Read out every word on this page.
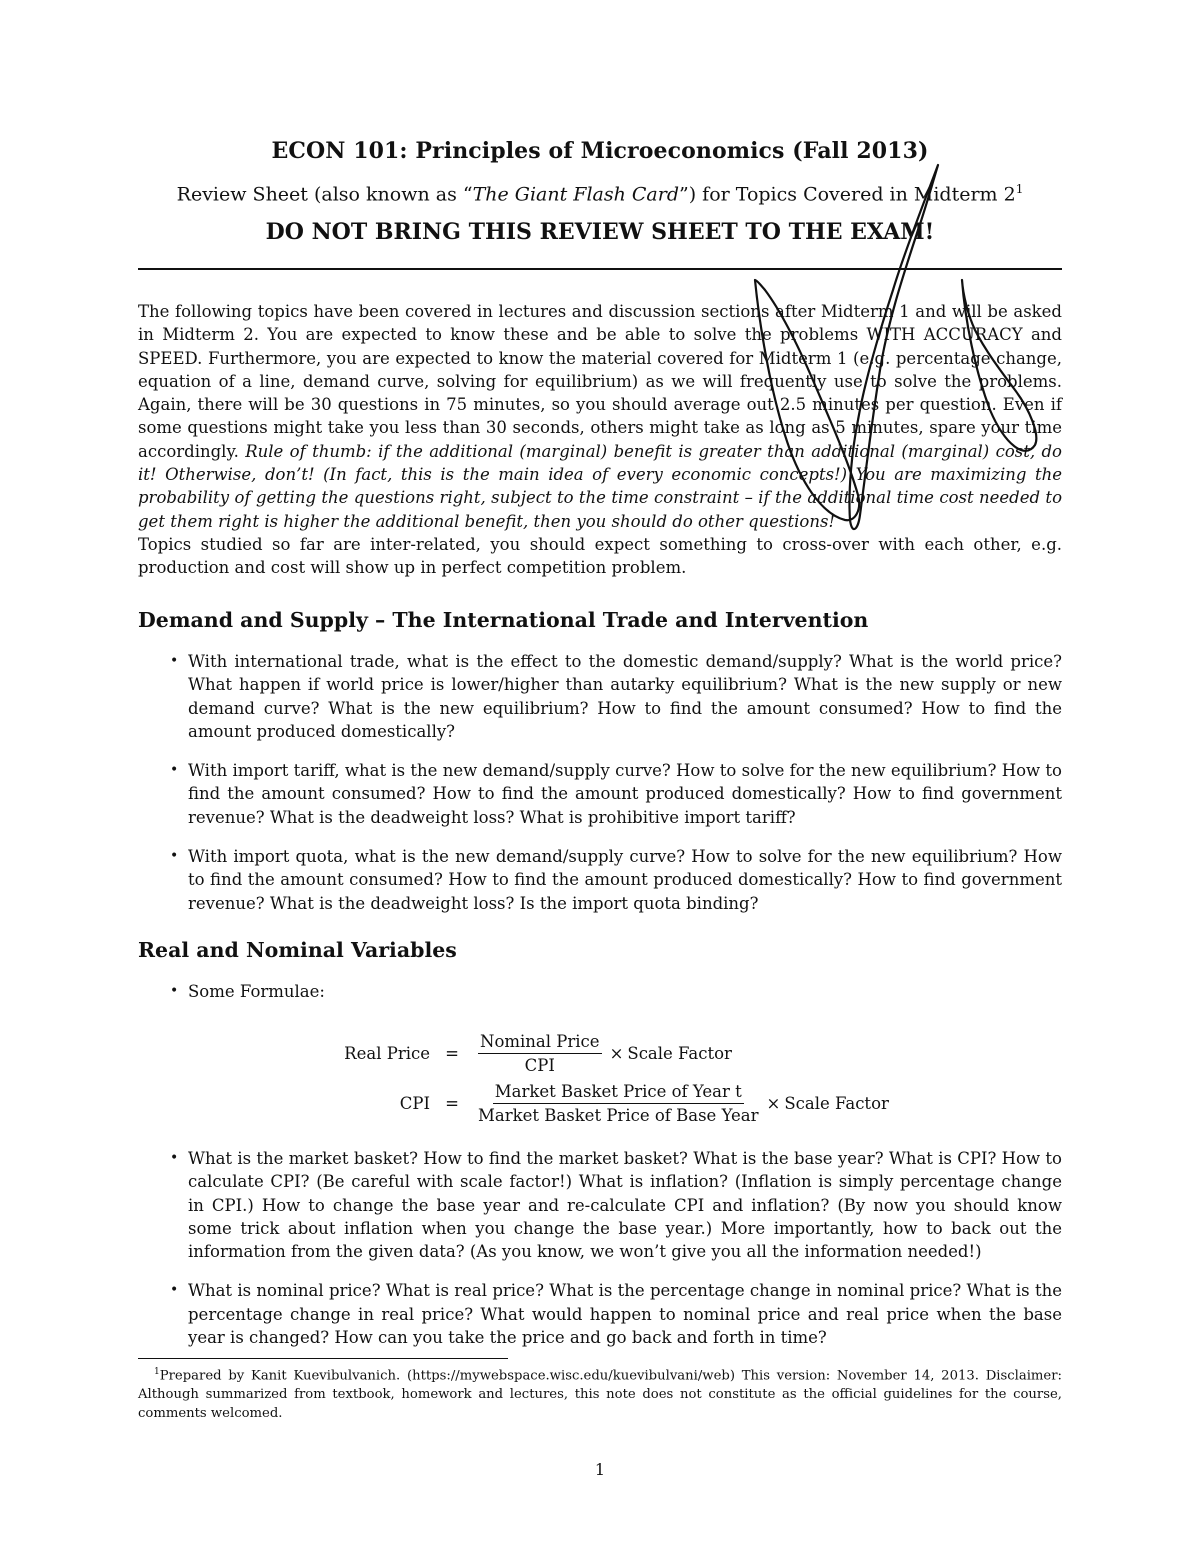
ECON 101: Principles of Microeconomics (Fall 2013)
Review Sheet (also known as “The Giant Flash Card”) for Topics Covered in Midterm $2^1$
DO NOT BRING THIS REVIEW SHEET TO THE EXAM!

The following topics have been covered in lectures and discussion sections after Midterm 1 and will be asked in Midterm 2. You are expected to know these and be able to solve the problems WITH ACCURACY and SPEED. Furthermore, you are expected to know the material covered for Midterm 1 (e.g. percentage change, equation of a line, demand curve, solving for equilibrium) as we will frequently use to solve the problems. Again, there will be 30 questions in 75 minutes, so you should average out 2.5 minutes per question. Even if some questions might take you less than 30 seconds, others might take as long as 5 minutes, spare your time accordingly. Rule of thumb: if the additional (marginal) benefit is greater than additional (marginal) cost, do it! Otherwise, don’t! (In fact, this is the main idea of every economic concepts!) You are maximizing the probability of getting the questions right, subject to the time constraint – if the additional time cost needed to get them right is higher the additional benefit, then you should do other questions!

Topics studied so far are inter-related, you should expect something to cross-over with each other, e.g. production and cost will show up in perfect competition problem.

Demand and Supply – The International Trade and Intervention
• With international trade, what is the effect to the domestic demand/supply? What is the world price? What happen if world price is lower/higher than autarky equilibrium? What is the new supply or new demand curve? What is the new equilibrium? How to find the amount consumed? How to find the amount produced domestically?
• With import tariff, what is the new demand/supply curve? How to solve for the new equilibrium? How to find the amount consumed? How to find the amount produced domestically? How to find government revenue? What is the deadweight loss? What is prohibitive import tariff?
• With import quota, what is the new demand/supply curve? How to solve for the new equilibrium? How to find the amount consumed? How to find the amount produced domestically? How to find government revenue? What is the deadweight loss? Is the import quota binding?
Real and Nominal Variables
• Some Formulae:
Real Price = $\frac{\text{Nominal Price}}{\text{CPI}}$ × Scale Factor
CPI = $\frac{\text{Market Basket Price of Year t}}{\text{Market Basket Price of Base Year}}$ × Scale Factor
• What is the market basket? How to find the market basket? What is the base year? What is CPI? How to calculate CPI? (Be careful with scale factor!) What is inflation? (Inflation is simply percentage change in CPI.) How to change the base year and re-calculate CPI and inflation? (By now you should know some trick about inflation when you change the base year.) More importantly, how to back out the information from the given data? (As you know, we won’t give you all the information needed!)
• What is nominal price? What is real price? What is the percentage change in nominal price? What is the percentage change in real price? What would happen to nominal price and real price when the base year is changed? How can you take the price and go back and forth in time?

$^1$Prepared by Kanit Kuevibulvanich. (https://mywebspace.wisc.edu/kuevibulvani/web) This version: November 14, 2013. Disclaimer: Although summarized from textbook, homework and lectures, this note does not constitute as the official guidelines for the course, comments welcomed.

1
